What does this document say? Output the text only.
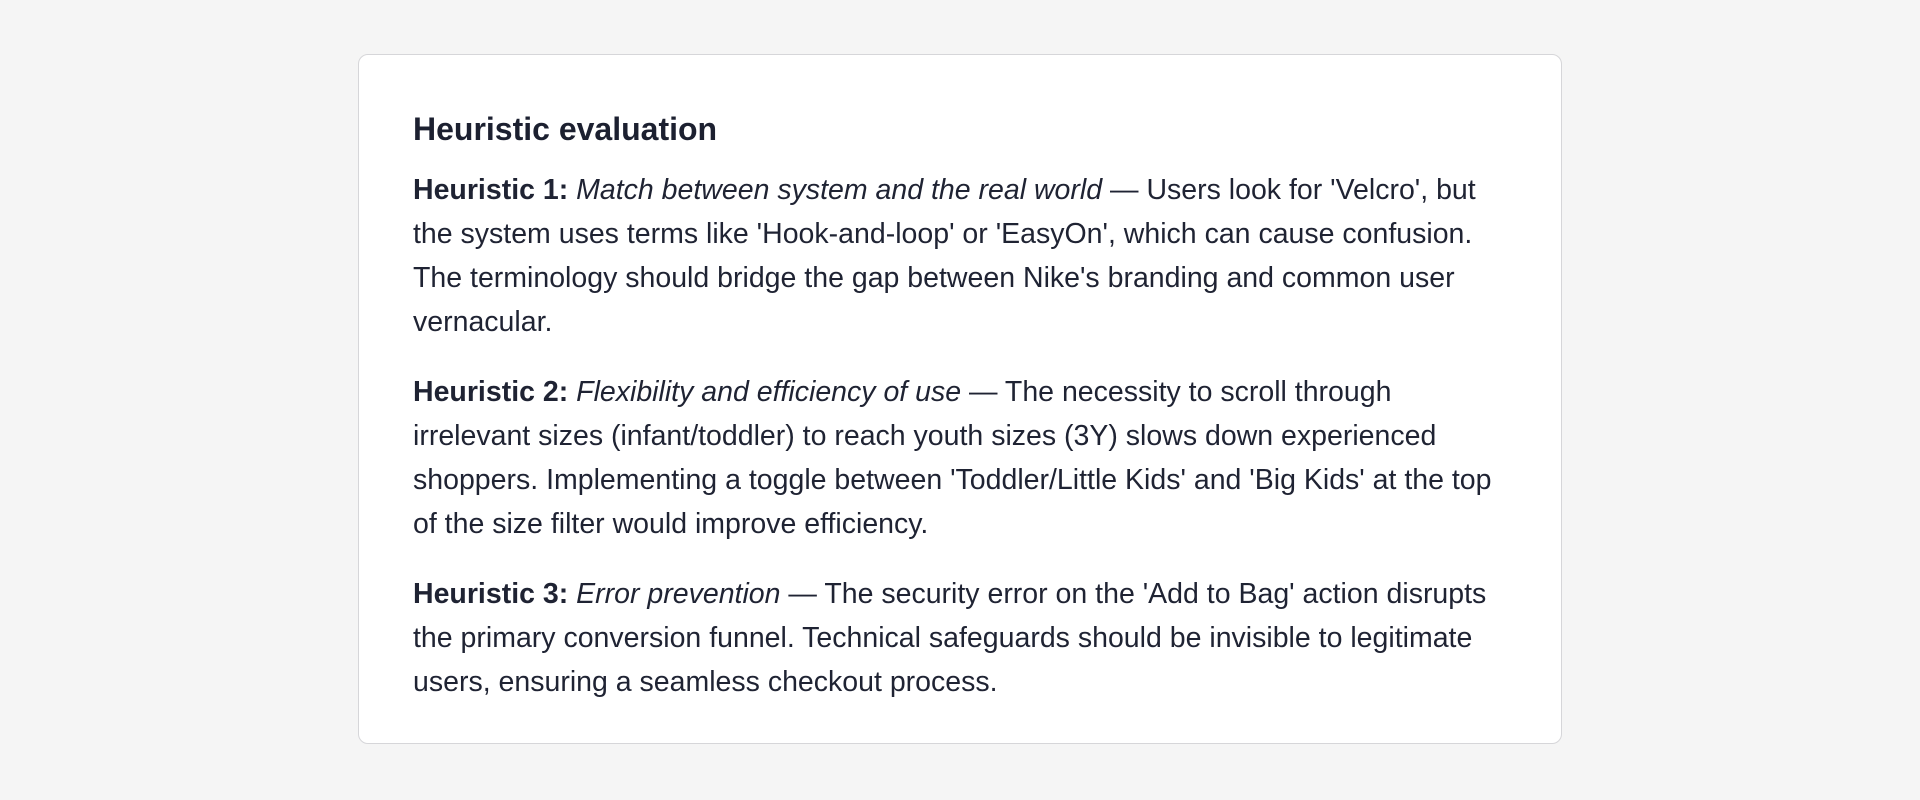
Heuristic evaluation

Heuristic 1: Match between system and the real world — Users look for 'Velcro', but the system uses terms like 'Hook-and-loop' or 'EasyOn', which can cause confusion. The terminology should bridge the gap between Nike's branding and common user vernacular.

Heuristic 2: Flexibility and efficiency of use — The necessity to scroll through irrelevant sizes (infant/toddler) to reach youth sizes (3Y) slows down experienced shoppers. Implementing a toggle between 'Toddler/Little Kids' and 'Big Kids' at the top of the size filter would improve efficiency.

Heuristic 3: Error prevention — The security error on the 'Add to Bag' action disrupts the primary conversion funnel. Technical safeguards should be invisible to legitimate users, ensuring a seamless checkout process.
